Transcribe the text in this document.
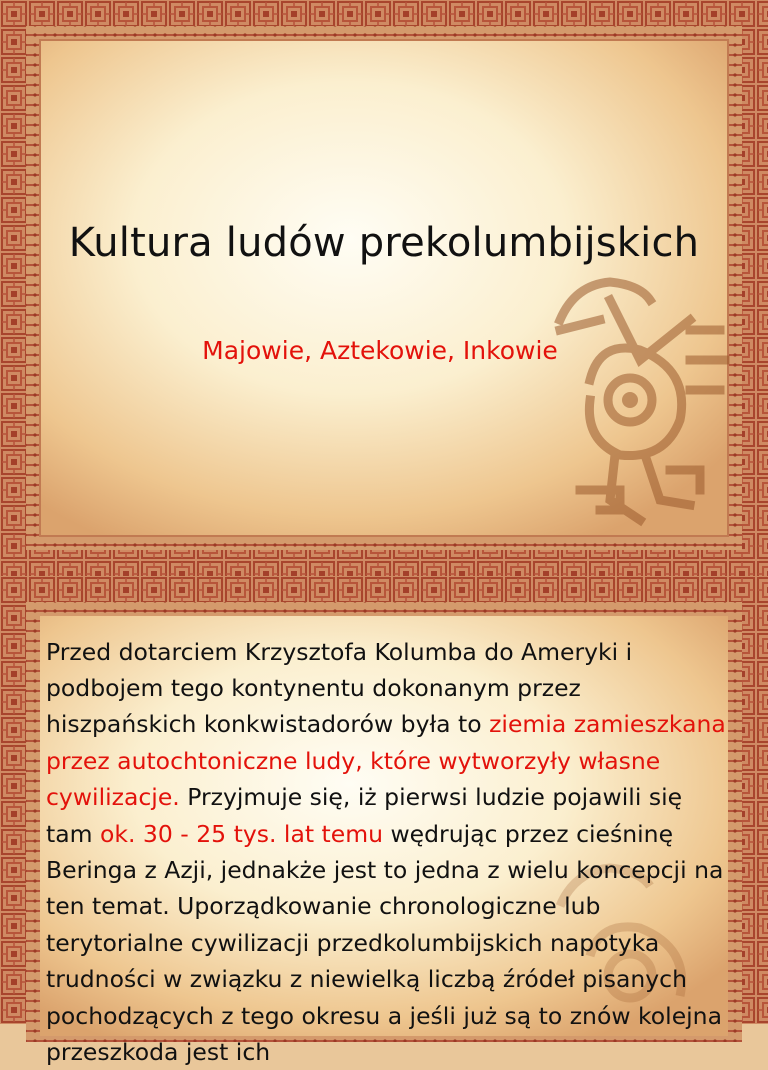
Kultura ludów prekolumbijskich
Majowie, Aztekowie, Inkowie

Przed dotarciem Krzysztofa Kolumba do Ameryki i podbojem tego kontynentu dokonanym przez hiszpańskich konkwistadorów była to ziemia zamieszkana przez autochtoniczne ludy, które wytworzyły własne cywilizacje. Przyjmuje się, iż pierwsi ludzie pojawili się tam ok. 30 - 25 tys. lat temu wędrując przez cieśninę Beringa z Azji, jednakże jest to jedna z wielu koncepcji na ten temat. Uporządkowanie chronologiczne lub terytorialne cywilizacji przedkolumbijskich napotyka trudności w związku z niewielką liczbą źródeł pisanych pochodzących z tego okresu a jeśli już są to znów kolejna przeszkoda jest ich
